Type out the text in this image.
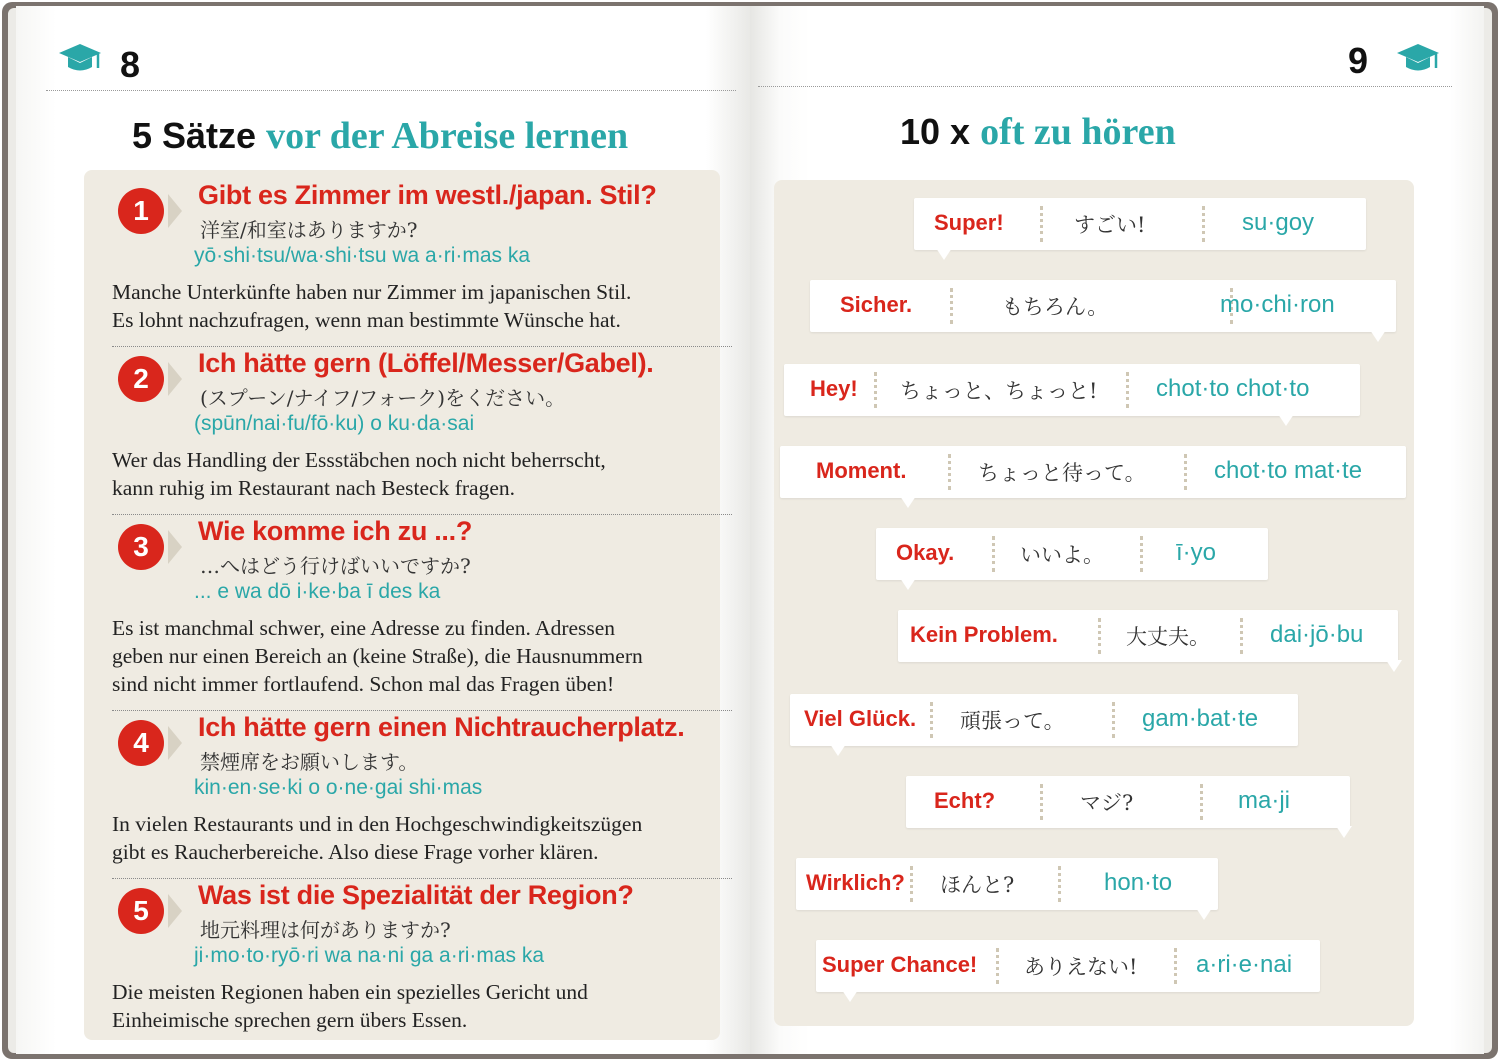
8
5 Sätze vor der Abreise lernen
1	Gibt es Zimmer im westl./japan. Stil?
洋室/和室はありますか?
yō·shi·tsu/wa·shi·tsu wa a·ri·mas ka
Manche Unterkünfte haben nur Zimmer im japanischen Stil.
Es lohnt nachzufragen, wenn man bestimmte Wünsche hat.
2	Ich hätte gern (Löffel/Messer/Gabel).
(スプーン/ナイフ/フォーク)をください。
(spūn/nai·fu/fō·ku) o ku·da·sai
Wer das Handling der Essstäbchen noch nicht beherrscht,
kann ruhig im Restaurant nach Besteck fragen.
3	Wie komme ich zu ...?
…へはどう行けばいいですか?
... e wa dō i·ke·ba ī des ka
Es ist manchmal schwer, eine Adresse zu finden. Adressen
geben nur einen Bereich an (keine Straße), die Hausnummern
sind nicht immer fortlaufend. Schon mal das Fragen üben!
4	Ich hätte gern einen Nichtraucherplatz.
禁煙席をお願いします。
kin·en·se·ki o o·ne·gai shi·mas
In vielen Restaurants und in den Hochgeschwindigkeitszügen
gibt es Raucherbereiche. Also diese Frage vorher klären.
5	Was ist die Spezialität der Region?
地元料理は何がありますか?
ji·mo·to·ryō·ri wa na·ni ga a·ri·mas ka
Die meisten Regionen haben ein spezielles Gericht und
Einheimische sprechen gern übers Essen.
9
10 x oft zu hören
Super!	すごい!	su·goy
Sicher.	もちろん。	mo·chi·ron
Hey! ちょっと、ちょっと! chot·to chot·to
Moment.	ちょっと待って。	chot·to mat·te
Okay.	いいよ。	ī·yo
Kein Problem.	大丈夫。	dai·jō·bu
Viel Glück. 頑張って。	gam·bat·te
Echt?	マジ?	ma·ji
Wirklich? ほんと?	hon·to
Super Chance! ありえない! a·ri·e·nai
